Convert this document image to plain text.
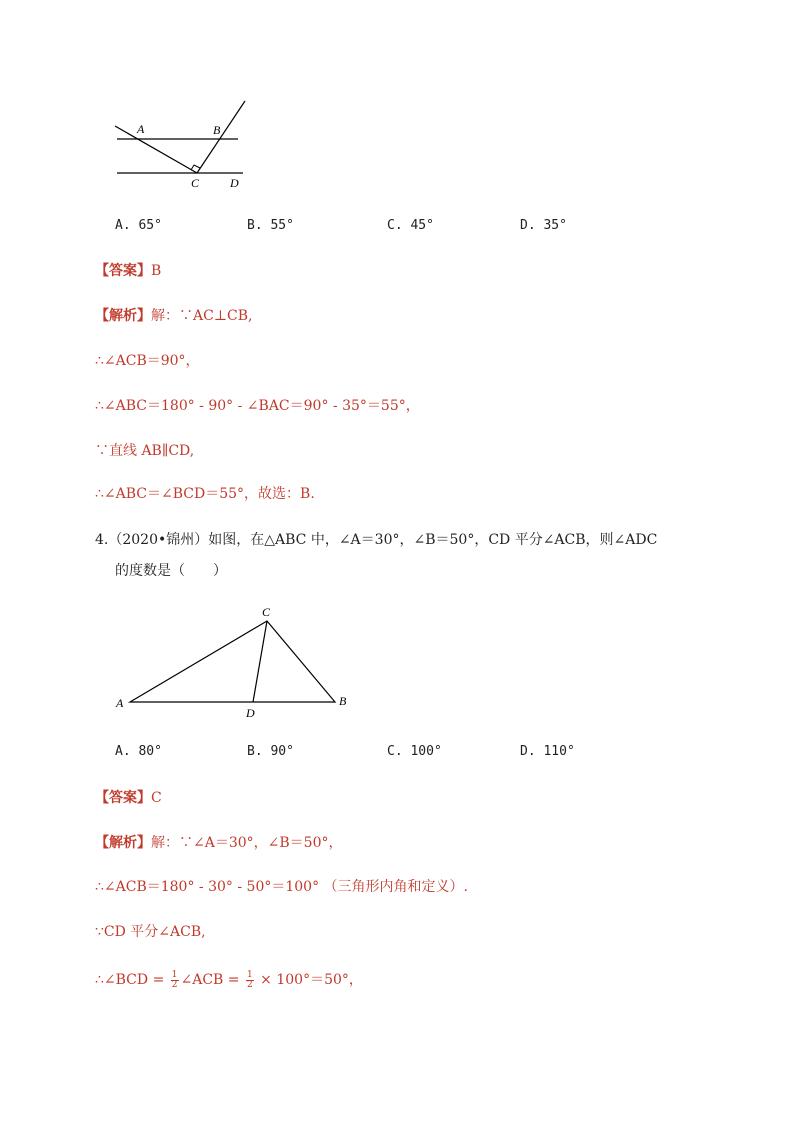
A	B
C	D
A. 65°	B. 55°	C. 45°	D. 35°
【答案】B
【解析】解：∵AC⊥CB,
∴∠ACB＝90°，
∴∠ABC＝180° - 90° - ∠BAC＝90° - 35°＝55°，
∵直线 AB∥CD,
∴∠ABC＝∠BCD＝55°，故选：B.
4.（2020•锦州）如图，在△ABC 中，∠A＝30°，∠B＝50°，CD 平分∠ACB，则∠ADC
的度数是（　　）
A	B
C
D
A. 80°	B. 90°	C. 100°	D. 110°
【答案】C
【解析】解：∵∠A＝30°，∠B＝50°，
∴∠ACB＝180° - 30° - 50°＝100° （三角形内角和定义）.
∵CD 平分∠ACB,
∴∠BCD = $\frac{1}{2}$ ∠ACB = $\frac{1}{2} \times 100^\circ=50^\circ$，
